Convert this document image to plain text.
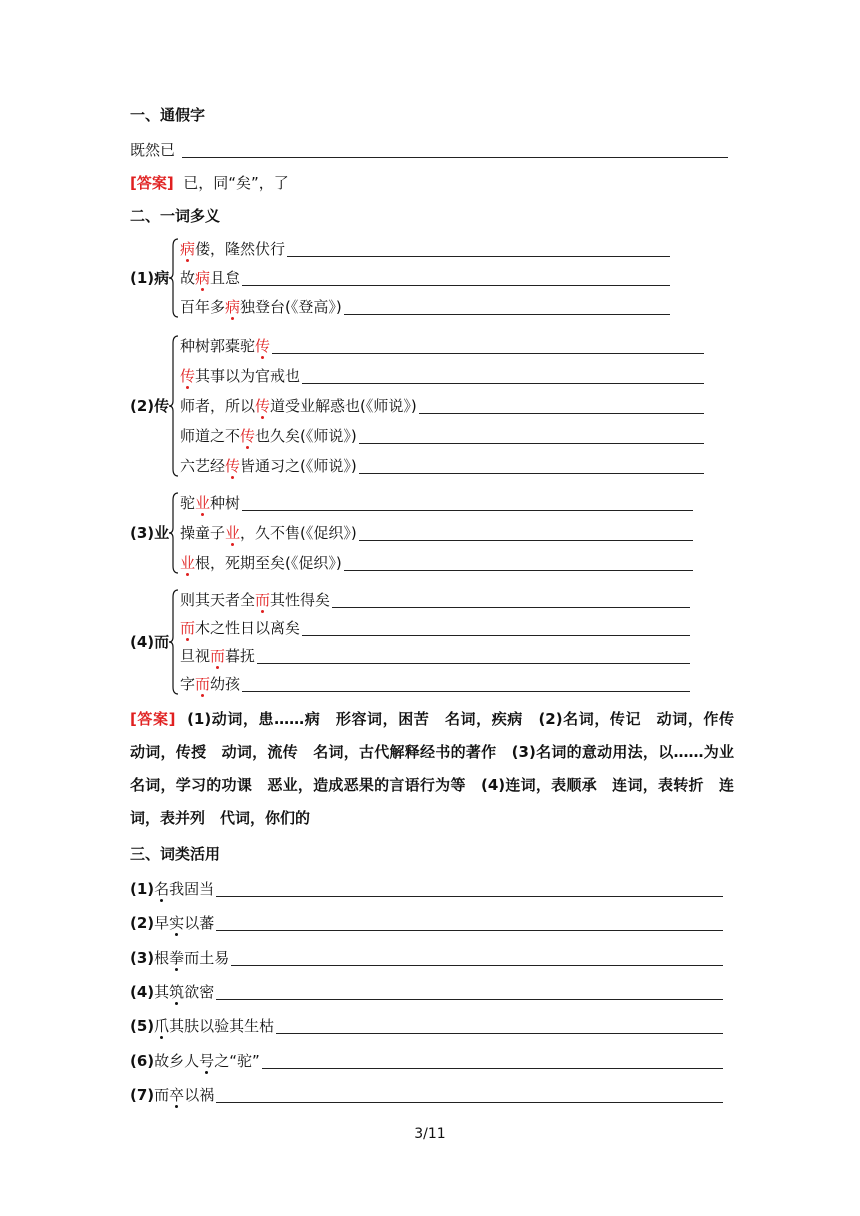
一、通假字
既然已
[答案] 已，同“矣”，了
二、一词多义
(1)病
病偻，隆然伏行
故病且怠
百年多病独登台(《登高》)
(2)传
种树郭橐驼传
传其事以为官戒也
师者，所以传道受业解惑也(《师说》)
师道之不传也久矣(《师说》)
六艺经传皆通习之(《师说》)
(3)业
驼业种树
操童子业，久不售(《促织》)
业根，死期至矣(《促织》)
(4)而
则其天者全而其性得矣
而木之性日以离矣
旦视而暮抚
字而幼孩
[答案] (1)动词，患……病　形容词，困苦　名词，疾病　(2)名词，传记　动词，作传　动词，传授　动词，流传　名词，古代解释经书的著作　(3)名词的意动用法，以……为业　名词，学习的功课　恶业，造成恶果的言语行为等　(4)连词，表顺承　连词，表转折　连词，表并列　代词，你们的
三、词类活用
(1)名我固当
(2)早实以蕃
(3)根拳而土易
(4)其筑欲密
(5)爪其肤以验其生枯
(6)故乡人号之“驼”
(7)而卒以祸
3/11
